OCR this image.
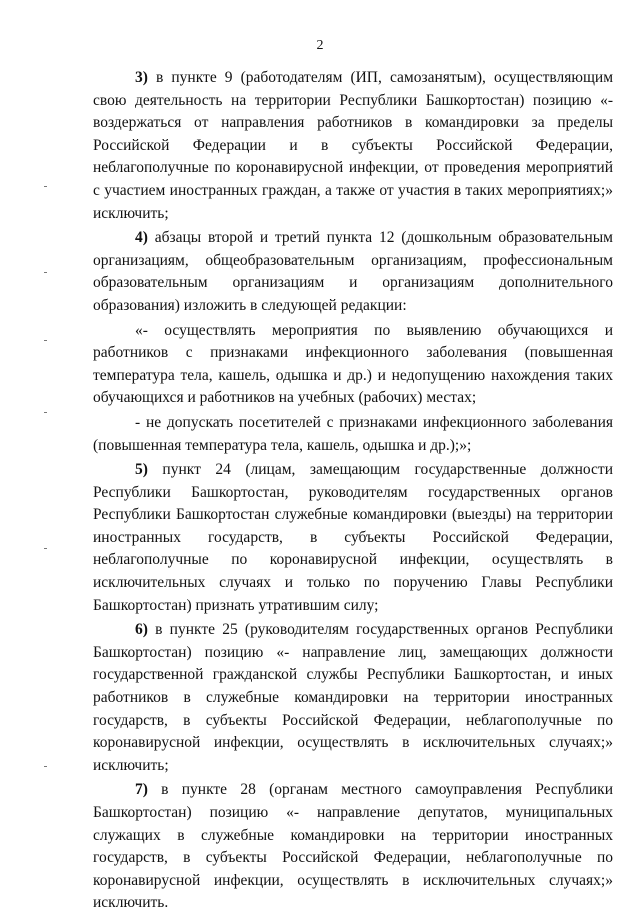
2

3) в пункте 9 (работодателям (ИП, самозанятым), осуществляющим свою деятельность на территории Республики Башкортостан) позицию «- воздержаться от направления работников в командировки за пределы Российской Федерации и в субъекты Российской Федерации, неблагополучные по коронавирусной инфекции, от проведения мероприятий с участием иностранных граждан, а также от участия в таких мероприятиях;» исключить;

4) абзацы второй и третий пункта 12 (дошкольным образовательным организациям, общеобразовательным организациям, профессиональным образовательным организациям и организациям дополнительного образования) изложить в следующей редакции:

«- осуществлять мероприятия по выявлению обучающихся и работников с признаками инфекционного заболевания (повышенная температура тела, кашель, одышка и др.) и недопущению нахождения таких обучающихся и работников на учебных (рабочих) местах;

- не допускать посетителей с признаками инфекционного заболевания (повышенная температура тела, кашель, одышка и др.);»;

5) пункт 24 (лицам, замещающим государственные должности Республики Башкортостан, руководителям государственных органов Республики Башкортостан служебные командировки (выезды) на территории иностранных государств, в субъекты Российской Федерации, неблагополучные по коронавирусной инфекции, осуществлять в исключительных случаях и только по поручению Главы Республики Башкортостан) признать утратившим силу;

6) в пункте 25 (руководителям государственных органов Республики Башкортостан) позицию «- направление лиц, замещающих должности государственной гражданской службы Республики Башкортостан, и иных работников в служебные командировки на территории иностранных государств, в субъекты Российской Федерации, неблагополучные по коронавирусной инфекции, осуществлять в исключительных случаях;» исключить;

7) в пункте 28 (органам местного самоуправления Республики Башкортостан) позицию «- направление депутатов, муниципальных служащих в служебные командировки на территории иностранных государств, в субъекты Российской Федерации, неблагополучные по коронавирусной инфекции, осуществлять в исключительных случаях;» исключить.
